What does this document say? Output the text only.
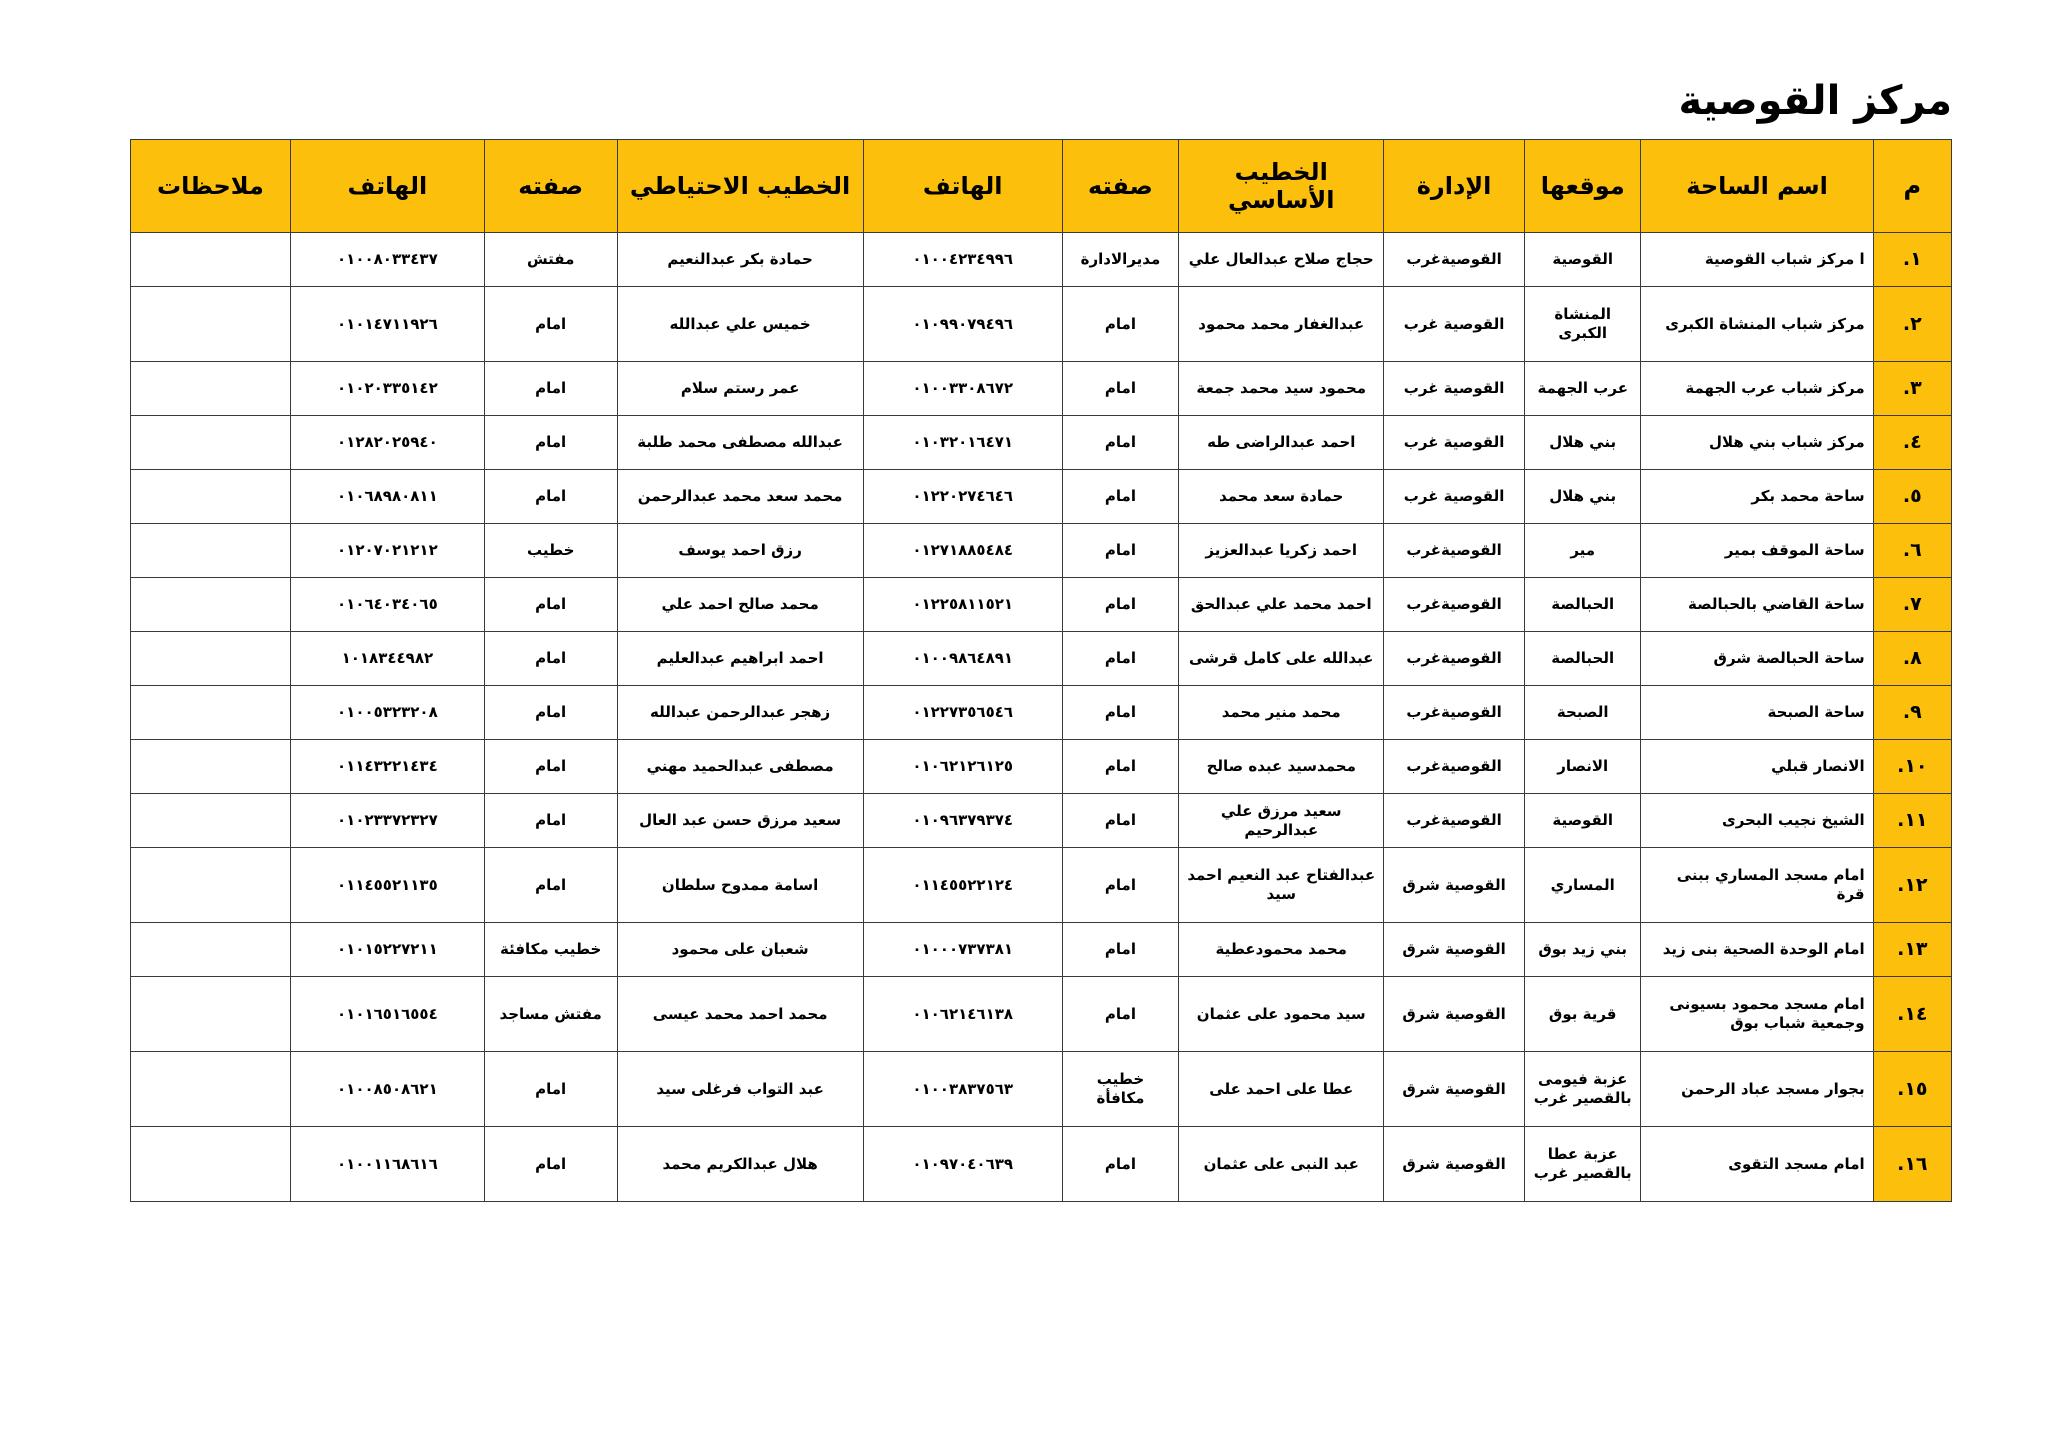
مركز القوصية
م	اسم الساحة	موقعها	الإدارة	الخطيب الأساسي	صفته	الهاتف	الخطيب الاحتياطي	صفته	الهاتف	ملاحظات
١.	ا مركز شباب القوصية	القوصية	القوصيةغرب	حجاج صلاح عبدالعال علي	مديرالادارة	٠١٠٠٤٢٣٤٩٩٦	حمادة بكر عبدالنعيم	مفتش	٠١٠٠٨٠٣٣٤٣٧	
٢.	مركز شباب المنشاة الكبرى	المنشاة الكبرى	القوصية غرب	عبدالغفار محمد محمود	امام	٠١٠٩٩٠٧٩٤٩٦	خميس علي عبدالله	امام	٠١٠١٤٧١١٩٢٦	
٣.	مركز شباب عرب الجهمة	عرب الجهمة	القوصية غرب	محمود سيد محمد جمعة	امام	٠١٠٠٣٣٠٨٦٧٢	عمر رستم سلام	امام	٠١٠٢٠٣٣٥١٤٢	
٤.	مركز شباب بني هلال	بني هلال	القوصية غرب	احمد عبدالراضى طه	امام	٠١٠٣٢٠١٦٤٧١	عبدالله مصطفى محمد طلبة	امام	٠١٢٨٢٠٢٥٩٤٠	
٥.	ساحة محمد بكر	بني هلال	القوصية غرب	حمادة سعد محمد	امام	٠١٢٢٠٢٧٤٦٤٦	محمد سعد محمد عبدالرحمن	امام	٠١٠٦٨٩٨٠٨١١	
٦.	ساحة الموقف بمير	مير	القوصيةغرب	احمد زكريا عبدالعزيز	امام	٠١٢٧١٨٨٥٤٨٤	رزق احمد يوسف	خطيب	٠١٢٠٧٠٢١٢١٢	
٧.	ساحة القاضي بالحبالصة	الحبالصة	القوصيةغرب	احمد محمد علي عبدالحق	امام	٠١٢٢٥٨١١٥٢١	محمد صالح احمد علي	امام	٠١٠٦٤٠٣٤٠٦٥	
٨.	ساحة الحبالصة شرق	الحبالصة	القوصيةغرب	عبدالله على كامل قرشى	امام	٠١٠٠٩٨٦٤٨٩١	احمد ابراهيم عبدالعليم	امام	١٠١٨٣٤٤٩٨٢	
٩.	ساحة الصبحة	الصبحة	القوصيةغرب	محمد منير محمد	امام	٠١٢٢٧٣٥٦٥٤٦	زهجر عبدالرحمن عبدالله	امام	٠١٠٠٥٣٢٣٢٠٨	
١٠.	الانصار قبلي	الانصار	القوصيةغرب	محمدسيد عبده صالح	امام	٠١٠٦٢١٢٦١٢٥	مصطفى عبدالحميد مهني	امام	٠١١٤٣٢٢١٤٣٤	
١١.	الشيخ نجيب البحرى	القوصية	القوصيةغرب	سعيد مرزق علي عبدالرحيم	امام	٠١٠٩٦٣٧٩٣٧٤	سعيد مرزق حسن عبد العال	امام	٠١٠٢٣٣٧٢٣٢٧	
١٢.	امام مسجد المساري ببنى قرة	المساري	القوصية شرق	عبدالفتاح عبد النعيم احمد سيد	امام	٠١١٤٥٥٢٢١٢٤	اسامة ممدوح سلطان	امام	٠١١٤٥٥٢١١٣٥	
١٣.	امام الوحدة الصحية بنى زيد	بني زيد بوق	القوصية شرق	محمد محمودعطية	امام	٠١٠٠٠٧٣٧٣٨١	شعبان على محمود	خطيب مكافئة	٠١٠١٥٢٢٧٢١١	
١٤.	امام مسجد محمود بسيونى وجمعية شباب بوق	قرية بوق	القوصية شرق	سيد محمود على عثمان	امام	٠١٠٦٢١٤٦١٣٨	محمد احمد محمد عيسى	مفتش مساجد	٠١٠١٦٥١٦٥٥٤	
١٥.	بجوار مسجد عباد الرحمن	عزبة فيومى بالقصير غرب	القوصية شرق	عطا على احمد على	خطيب مكافأة	٠١٠٠٣٨٣٧٥٦٣	عبد التواب فرغلى سيد	امام	٠١٠٠٨٥٠٨٦٢١	
١٦.	امام مسجد التقوى	عزبة عطا بالقصير غرب	القوصية شرق	عبد النبى على عثمان	امام	٠١٠٩٧٠٤٠٦٣٩	هلال عبدالكريم محمد	امام	٠١٠٠١١٦٨٦١٦	
